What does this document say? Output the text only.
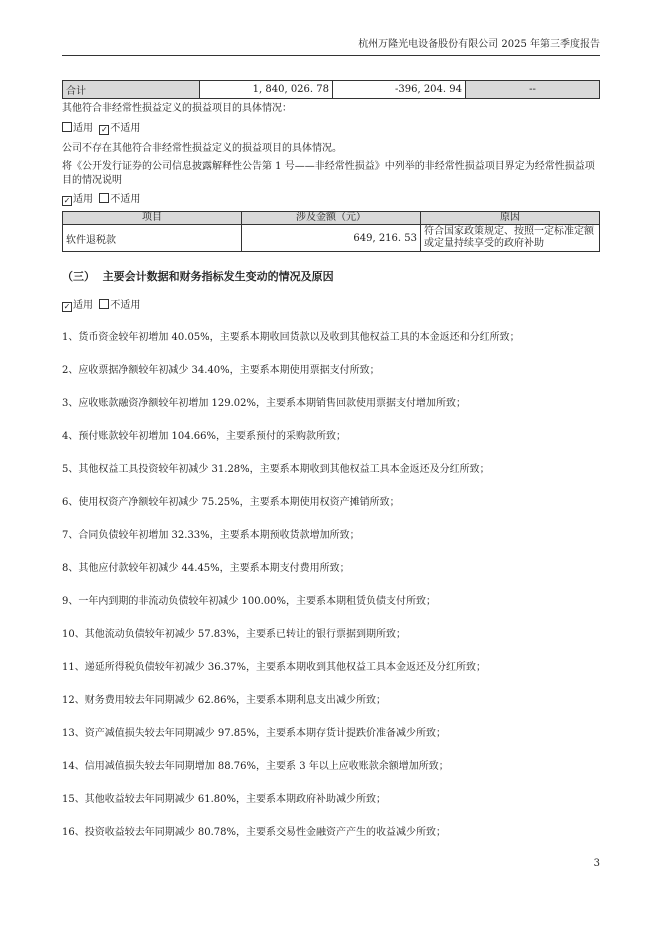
杭州万隆光电设备股份有限公司 2025 年第三季度报告
合计	1, 840, 026. 78	-396, 204. 94	--
其他符合非经常性损益定义的损益项目的具体情况：
适用 ✓ 不适用
公司不存在其他符合非经常性损益定义的损益项目的具体情况。
将《公开发行证券的公司信息披露解释性公告第 1 号——非经常性损益》中列举的非经常性损益项目界定为经常性损益项目的情况说明
✓ 适用 不适用
项目	涉及金额（元）	原因
软件退税款	649, 216. 53	符合国家政策规定、按照一定标准定额或定量持续享受的政府补助
（三） 主要会计数据和财务指标发生变动的情况及原因
✓ 适用 不适用
1、货币资金较年初增加 40.05%，主要系本期收回货款以及收到其他权益工具的本金返还和分红所致；
2、应收票据净额较年初减少 34.40%，主要系本期使用票据支付所致；
3、应收账款融资净额较年初增加 129.02%，主要系本期销售回款使用票据支付增加所致；
4、预付账款较年初增加 104.66%，主要系预付的采购款所致；
5、其他权益工具投资较年初减少 31.28%，主要系本期收到其他权益工具本金返还及分红所致；
6、使用权资产净额较年初减少 75.25%，主要系本期使用权资产摊销所致；
7、合同负债较年初增加 32.33%，主要系本期预收货款增加所致；
8、其他应付款较年初减少 44.45%，主要系本期支付费用所致；
9、一年内到期的非流动负债较年初减少 100.00%，主要系本期租赁负债支付所致；
10、其他流动负债较年初减少 57.83%，主要系已转让的银行票据到期所致；
11、递延所得税负债较年初减少 36.37%，主要系本期收到其他权益工具本金返还及分红所致；
12、财务费用较去年同期减少 62.86%，主要系本期利息支出减少所致；
13、资产减值损失较去年同期减少 97.85%，主要系本期存货计提跌价准备减少所致；
14、信用减值损失较去年同期增加 88.76%，主要系 3 年以上应收账款余额增加所致；
15、其他收益较去年同期减少 61.80%，主要系本期政府补助减少所致；
16、投资收益较去年同期减少 80.78%，主要系交易性金融资产产生的收益减少所致；
3
